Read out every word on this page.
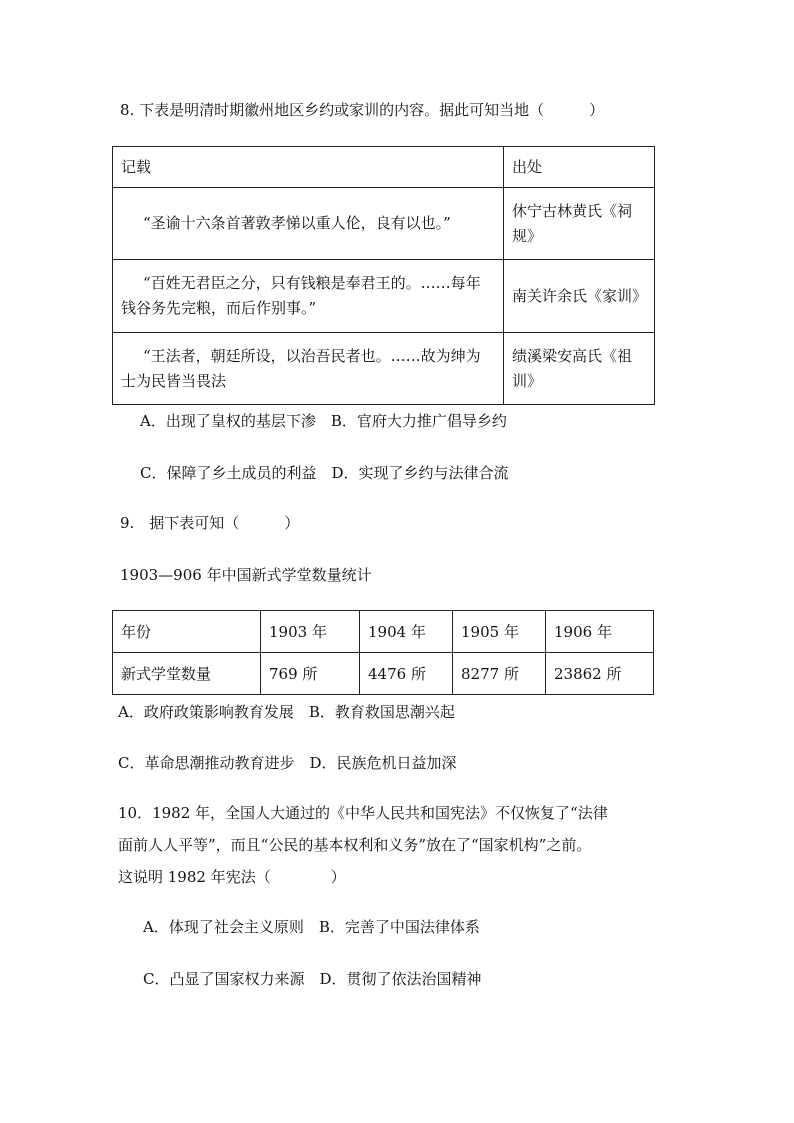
8. 下表是明清时期徽州地区乡约或家训的内容。据此可知当地（　　　）
记载	出处
“圣谕十六条首著敦孝悌以重人伦，良有以也。”	休宁古林黄氏《祠规》
“百姓无君臣之分，只有钱粮是奉君王的。……每年钱谷务先完粮，而后作别事。”	南关许余氏《家训》
“王法者，朝廷所设，以治吾民者也。……故为绅为士为民皆当畏法	绩溪梁安高氏《祖训》
A．出现了皇权的基层下渗　B．官府大力推广倡导乡约
C．保障了乡土成员的利益　D．实现了乡约与法律合流
9.　据下表可知（　　　）
1903—906 年中国新式学堂数量统计
年份	1903 年	1904 年	1905 年	1906 年
新式学堂数量	769 所	4476 所	8277 所	23862 所
A．政府政策影响教育发展　B．教育救国思潮兴起
C．革命思潮推动教育进步　D．民族危机日益加深
10．1982 年，全国人大通过的《中华人民共和国宪法》不仅恢复了“法律
面前人人平等”，而且“公民的基本权利和义务”放在了“国家机构”之前。
这说明 1982 年宪法（　　　　）
A．体现了社会主义原则　B．完善了中国法律体系
C．凸显了国家权力来源　D．贯彻了依法治国精神
